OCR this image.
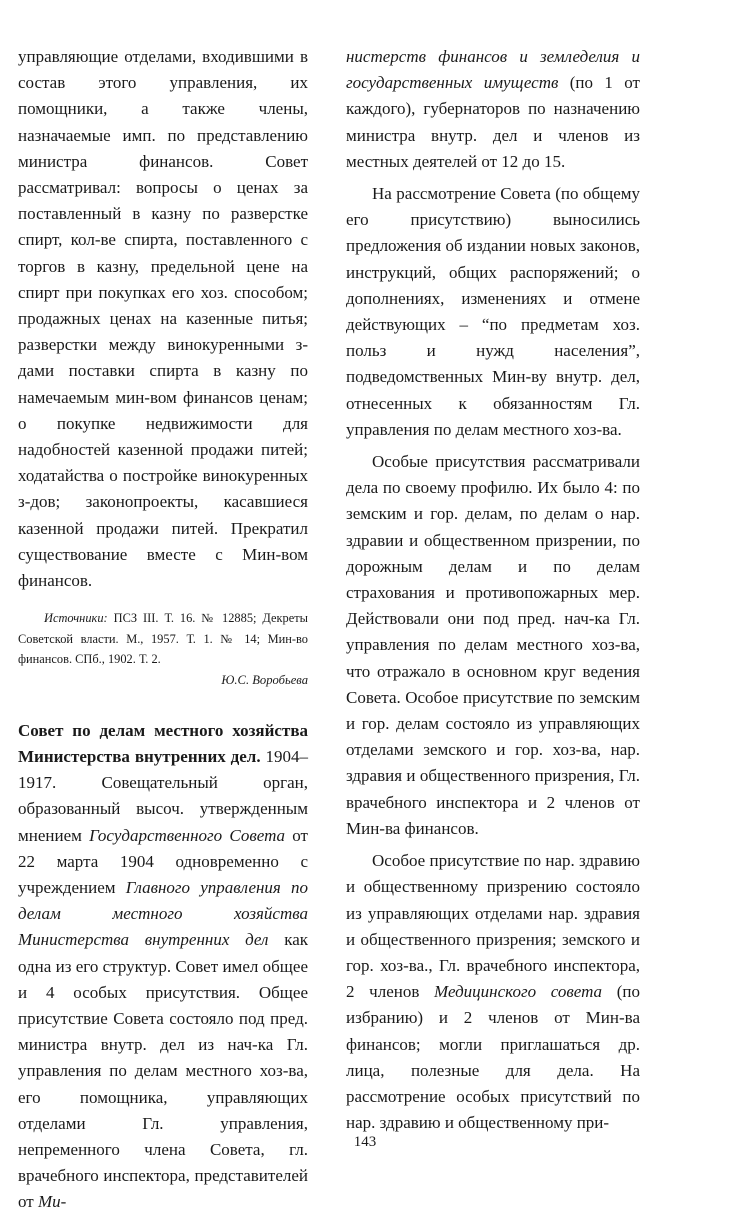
управляющие отделами, входившими в состав этого управления, их помощники, а также члены, назначаемые имп. по представлению министра финансов. Совет рассматривал: вопросы о ценах за поставленный в казну по разверстке спирт, кол-ве спирта, поставленного с торгов в казну, предельной цене на спирт при покупках его хоз. способом; продажных ценах на казенные питья; разверстки между винокуренными з-дами поставки спирта в казну по намечаемым мин-вом финансов ценам; о покупке недвижимости для надобностей казенной продажи питей; ходатайства о постройке винокуренных з-дов; законопроекты, касавшиеся казенной продажи питей. Прекратил существование вместе с Мин-вом финансов.

Источники: ПСЗ III. Т. 16. № 12885; Декреты Советской власти. М., 1957. Т. 1. № 14; Мин-во финансов. СПб., 1902. Т. 2.

Ю.С. Воробьева

Совет по делам местного хозяйства Министерства внутренних дел. 1904–1917. Совещательный орган, образованный высоч. утвержденным мнением Государственного Совета от 22 марта 1904 одновременно с учреждением Главного управления по делам местного хозяйства Министерства внутренних дел как одна из его структур. Совет имел общее и 4 особых присутствия. Общее присутствие Совета состояло под пред. министра внутр. дел из нач-ка Гл. управления по делам местного хоз-ва, его помощника, управляющих отделами Гл. управления, непременного члена Совета, гл. врачебного инспектора, представителей от Ми-

нистерств финансов и земледелия и государственных имуществ (по 1 от каждого), губернаторов по назначению министра внутр. дел и членов из местных деятелей от 12 до 15.

На рассмотрение Совета (по общему его присутствию) выносились предложения об издании новых законов, инструкций, общих распоряжений; о дополнениях, изменениях и отмене действующих – “по предметам хоз. польз и нужд населения”, подведомственных Мин-ву внутр. дел, отнесенных к обязанностям Гл. управления по делам местного хоз-ва.

Особые присутствия рассматривали дела по своему профилю. Их было 4: по земским и гор. делам, по делам о нар. здравии и общественном призрении, по дорожным делам и по делам страхования и противопожарных мер. Действовали они под пред. нач-ка Гл. управления по делам местного хоз-ва, что отражало в основном круг ведения Совета. Особое присутствие по земским и гор. делам состояло из управляющих отделами земского и гор. хоз-ва, нар. здравия и общественного призрения, Гл. врачебного инспектора и 2 членов от Мин-ва финансов.

Особое присутствие по нар. здравию и общественному призрению состояло из управляющих отделами нар. здравия и общественного призрения; земского и гор. хоз-ва., Гл. врачебного инспектора, 2 членов Медицинского совета (по избранию) и 2 членов от Мин-ва финансов; могли приглашаться др. лица, полезные для дела. На рассмотрение особых присутствий по нар. здравию и общественному при-

143
